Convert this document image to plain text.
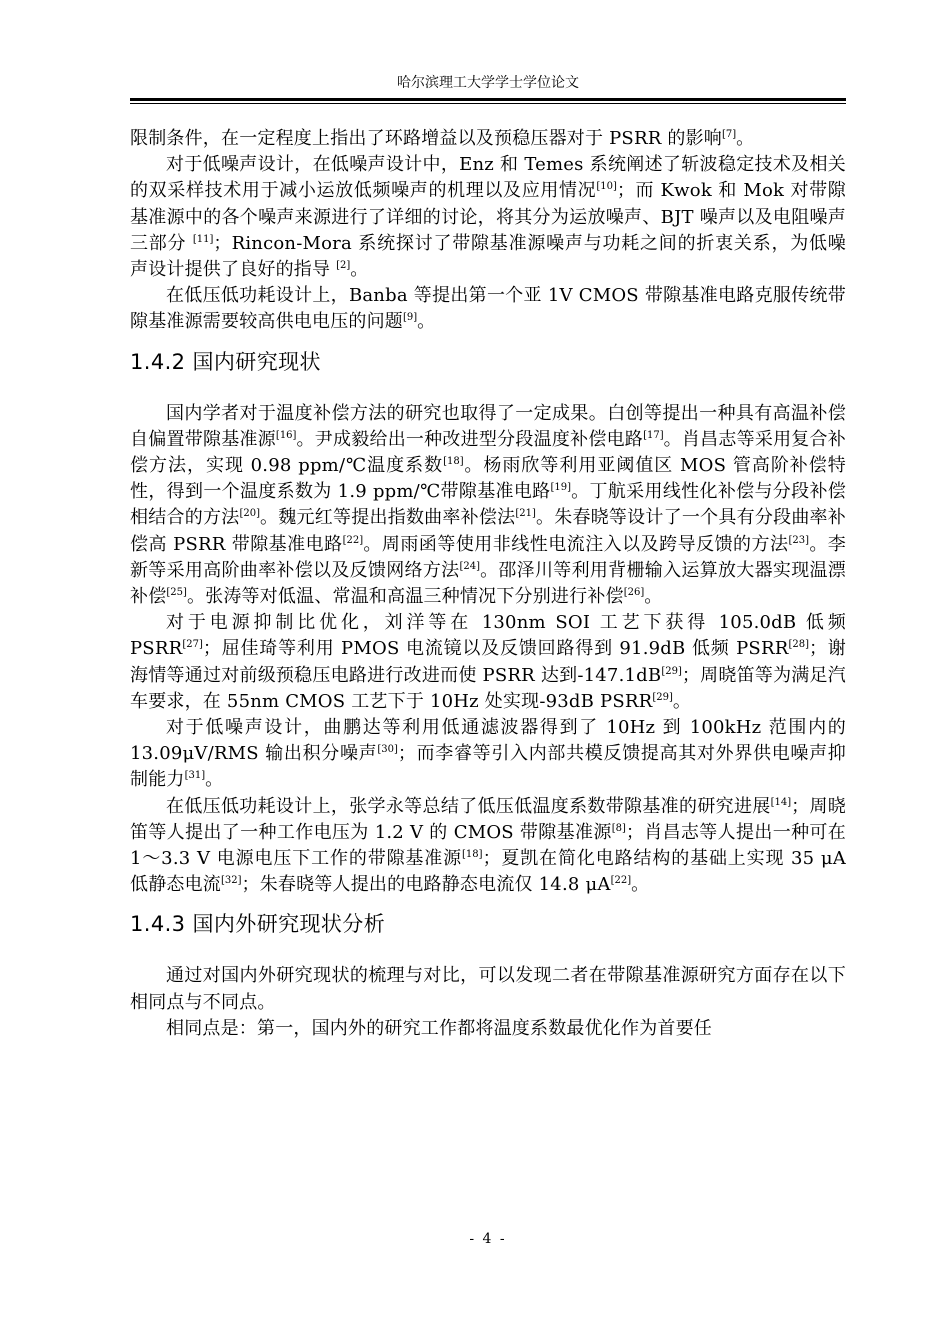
哈尔滨理工大学学士学位论文

限制条件，在一定程度上指出了环路增益以及预稳压器对于 PSRR 的影响[7]。

对于低噪声设计，在低噪声设计中，Enz 和 Temes 系统阐述了斩波稳定技术及相关的双采样技术用于减小运放低频噪声的机理以及应用情况[10]；而 Kwok 和 Mok 对带隙基准源中的各个噪声来源进行了详细的讨论，将其分为运放噪声、BJT 噪声以及电阻噪声三部分 [11]；Rincon-Mora 系统探讨了带隙基准源噪声与功耗之间的折衷关系，为低噪声设计提供了良好的指导 [2]。

在低压低功耗设计上，Banba 等提出第一个亚 1V CMOS 带隙基准电路克服传统带隙基准源需要较高供电电压的问题[9]。

1.4.2 国内研究现状

国内学者对于温度补偿方法的研究也取得了一定成果。白创等提出一种具有高温补偿自偏置带隙基准源[16]。尹成毅给出一种改进型分段温度补偿电路[17]。肖昌志等采用复合补偿方法，实现 0.98 ppm/℃温度系数[18]。杨雨欣等利用亚阈值区 MOS 管高阶补偿特性，得到一个温度系数为 1.9 ppm/℃带隙基准电路[19]。丁航采用线性化补偿与分段补偿相结合的方法[20]。魏元红等提出指数曲率补偿法[21]。朱春晓等设计了一个具有分段曲率补偿高 PSRR 带隙基准电路[22]。周雨函等使用非线性电流注入以及跨导反馈的方法[23]。李新等采用高阶曲率补偿以及反馈网络方法[24]。邵泽川等利用背栅输入运算放大器实现温漂补偿[25]。张涛等对低温、常温和高温三种情况下分别进行补偿[26]。

对于电源抑制比优化，刘洋等在 130nm SOI 工艺下获得 105.0dB 低频 PSRR[27]；屈佳琦等利用 PMOS 电流镜以及反馈回路得到 91.9dB 低频 PSRR[28]；谢海情等通过对前级预稳压电路进行改进而使 PSRR 达到-147.1dB[29]；周晓笛等为满足汽车要求，在 55nm CMOS 工艺下于 10Hz 处实现-93dB PSRR[29]。

对于低噪声设计，曲鹏达等利用低通滤波器得到了 10Hz 到 100kHz 范围内的 13.09μV/RMS 输出积分噪声[30]；而李睿等引入内部共模反馈提高其对外界供电噪声抑制能力[31]。

在低压低功耗设计上，张学永等总结了低压低温度系数带隙基准的研究进展[14]；周晓笛等人提出了一种工作电压为 1.2 V 的 CMOS 带隙基准源[8]；肖昌志等人提出一种可在 1～3.3 V 电源电压下工作的带隙基准源[18]；夏凯在简化电路结构的基础上实现 35 μA 低静态电流[32]；朱春晓等人提出的电路静态电流仅 14.8 μA[22]。

1.4.3 国内外研究现状分析

通过对国内外研究现状的梳理与对比，可以发现二者在带隙基准源研究方面存在以下相同点与不同点。

相同点是：第一，国内外的研究工作都将温度系数最优化作为首要任

- 4 -
